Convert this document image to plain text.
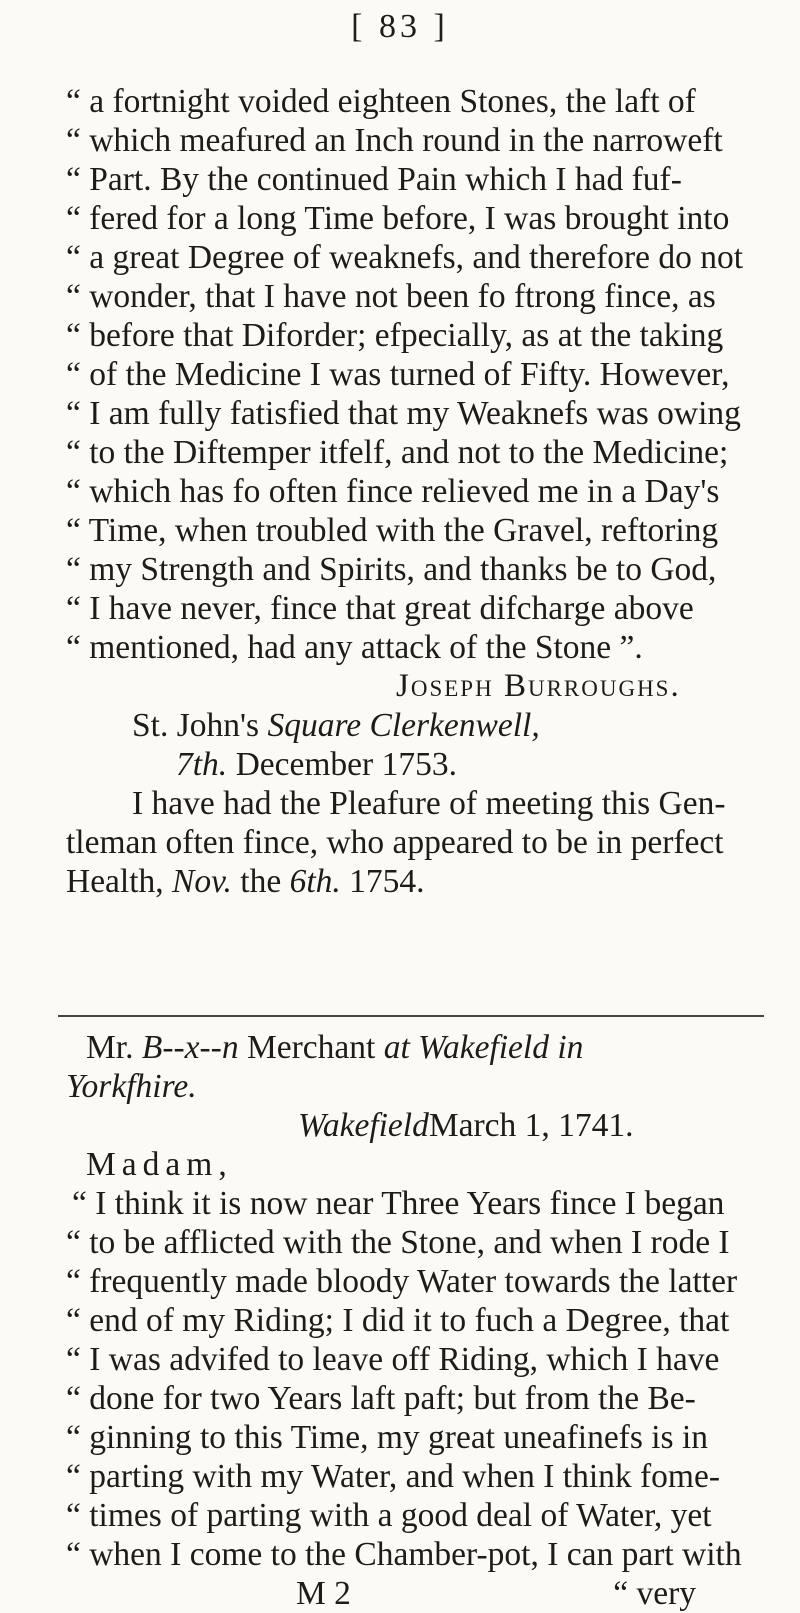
[ 83 ]
“ a fortnight voided eighteen Stones, the laft of
“ which meafured an Inch round in the narroweft
“ Part. By the continued Pain which I had fuf-
“ fered for a long Time before, I was brought into
“ a great Degree of weaknefs, and therefore do not
“ wonder, that I have not been fo ftrong fince, as
“ before that Diforder; efpecially, as at the taking
“ of the Medicine I was turned of Fifty. However,
“ I am fully fatisfied that my Weaknefs was owing
“ to the Diftemper itfelf, and not to the Medicine;
“ which has fo often fince relieved me in a Day's
“ Time, when troubled with the Gravel, reftoring
“ my Strength and Spirits, and thanks be to God,
“ I have never, fince that great difcharge above
“ mentioned, had any attack of the Stone ”.
Joseph Burroughs.
St. John's Square Clerkenwell,
7th. December 1753.
I have had the Pleafure of meeting this Gen-
tleman often fince, who appeared to be in perfect
Health, Nov. the 6th. 1754.
Mr. B--x--n Merchant at Wakefield in
Yorkfhire.
WakefieldMarch 1, 1741.
Madam,
“ I think it is now near Three Years fince I began
“ to be afflicted with the Stone, and when I rode I
“ frequently made bloody Water towards the latter
“ end of my Riding; I did it to fuch a Degree, that
“ I was advifed to leave off Riding, which I have
“ done for two Years laft paft; but from the Be-
“ ginning to this Time, my great uneafinefs is in
“ parting with my Water, and when I think fome-
“ times of parting with a good deal of Water, yet
“ when I come to the Chamber-pot, I can part with
M 2	“ very
